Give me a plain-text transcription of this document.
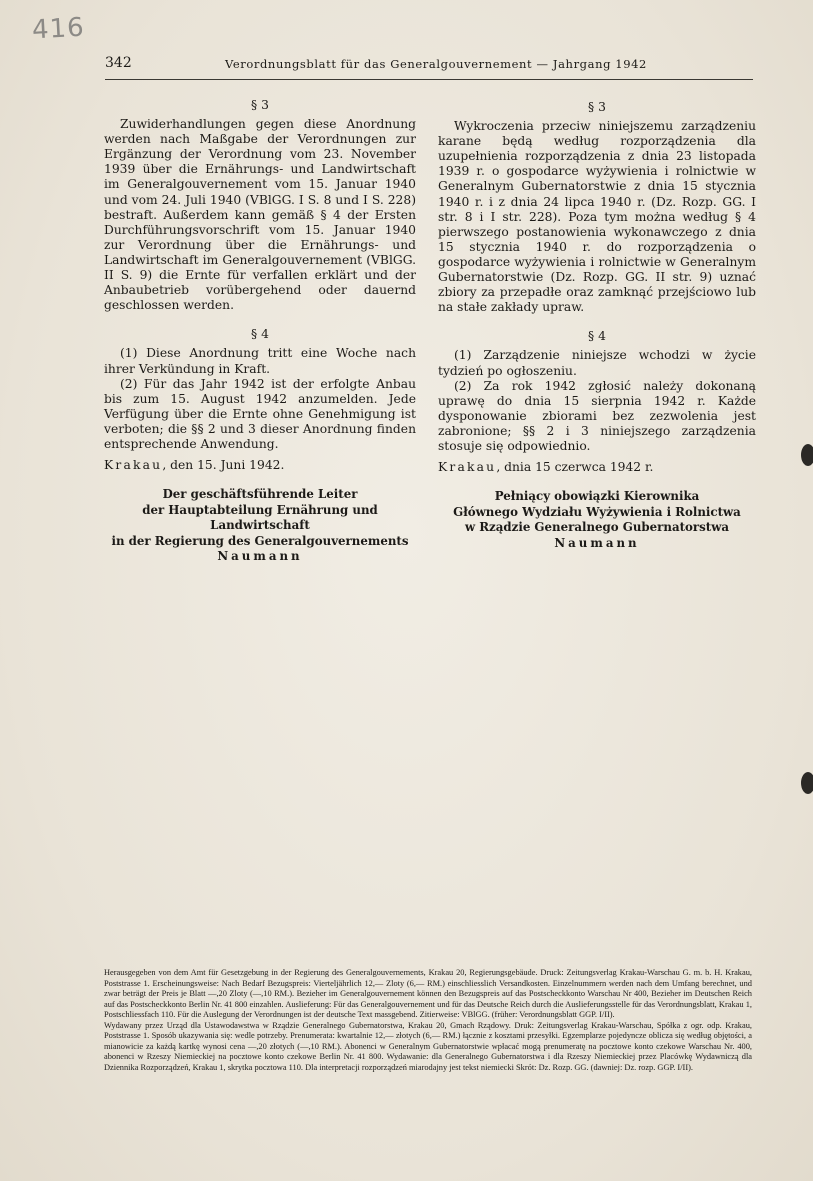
416
342	Verordnungsblatt für das Generalgouvernement — Jahrgang 1942
§ 3

Zuwiderhandlungen gegen diese Anordnung werden nach Maßgabe der Verordnungen zur Ergänzung der Verordnung vom 23. November 1939 über die Ernährungs- und Landwirtschaft im Generalgouvernement vom 15. Januar 1940 und vom 24. Juli 1940 (VBlGG. I S. 8 und I S. 228) bestraft. Außerdem kann gemäß § 4 der Ersten Durchführungsvorschrift vom 15. Januar 1940 zur Verordnung über die Ernährungs- und Landwirtschaft im Generalgouvernement (VBlGG. II S. 9) die Ernte für verfallen erklärt und der Anbaubetrieb vorübergehend oder dauernd geschlossen werden.

§ 4

(1) Diese Anordnung tritt eine Woche nach ihrer Verkündung in Kraft.

(2) Für das Jahr 1942 ist der erfolgte Anbau bis zum 15. August 1942 anzumelden. Jede Verfügung über die Ernte ohne Genehmigung ist verboten; die §§ 2 und 3 dieser Anordnung finden entsprechende Anwendung.

Krakau, den 15. Juni 1942.

Der geschäftsführende Leiter
der Hauptabteilung Ernährung und Landwirtschaft
in der Regierung des Generalgouvernements
Naumann
§ 3

Wykroczenia przeciw niniejszemu zarządzeniu karane będą według rozporządzenia dla uzupełnienia rozporządzenia z dnia 23 listopada 1939 r. o gospodarce wyżywienia i rolnictwie w Generalnym Gubernatorstwie z dnia 15 stycznia 1940 r. i z dnia 24 lipca 1940 r. (Dz. Rozp. GG. I str. 8 i I str. 228). Poza tym można według § 4 pierwszego postanowienia wykonawczego z dnia 15 stycznia 1940 r. do rozporządzenia o gospodarce wyżywienia i rolnictwie w Generalnym Gubernatorstwie (Dz. Rozp. GG. II str. 9) uznać zbiory za przepadłe oraz zamknąć przejściowo lub na stałe zakłady upraw.

§ 4

(1) Zarządzenie niniejsze wchodzi w życie tydzień po ogłoszeniu.

(2) Za rok 1942 zgłosić należy dokonaną uprawę do dnia 15 sierpnia 1942 r. Każde dysponowanie zbiorami bez zezwolenia jest zabronione; §§ 2 i 3 niniejszego zarządzenia stosuje się odpowiednio.

Krakau, dnia 15 czerwca 1942 r.

Pełniący obowiązki Kierownika
Głównego Wydziału Wyżywienia i Rolnictwa
w Rządzie Generalnego Gubernatorstwa
Naumann

Herausgegeben von dem Amt für Gesetzgebung in der Regierung des Generalgouvernements, Krakau 20, Regierungsgebäude. Druck: Zeitungsverlag Krakau-Warschau G. m. b. H. Krakau, Poststrasse 1. Erscheinungsweise: Nach Bedarf Bezugspreis: Vierteljährlich 12,— Zloty (6,— RM.) einschliesslich Versandkosten. Einzelnummern werden nach dem Umfang berechnet, und zwar beträgt der Preis je Blatt —,20 Zloty (—,10 RM.). Bezieher im Generalgouvernement können den Bezugspreis auf das Postscheckkonto Warschau Nr 400, Bezieher im Deutschen Reich auf das Postscheckkonto Berlin Nr. 41 800 einzahlen. Auslieferung: Für das Generalgouvernement und für das Deutsche Reich durch die Auslieferungsstelle für das Verordnungsblatt, Krakau 1, Postschliessfach 110. Für die Auslegung der Verordnungen ist der deutsche Text massgebend. Zitierweise: VBlGG. (früher: Verordnungsblatt GGP. I/II).

Wydawany przez Urząd dla Ustawodawstwa w Rządzie Generalnego Gubernatorstwa, Krakau 20, Gmach Rządowy. Druk: Zeitungsverlag Krakau-Warschau, Spółka z ogr. odp. Krakau, Poststrasse 1. Sposób ukazywania się: wedle potrzeby. Prenumerata: kwartalnie 12,— złotych (6,— RM.) łącznie z kosztami przesyłki. Egzemplarze pojedyncze oblicza się według objętości, a mianowicie za każdą kartkę wynosi cena —,20 złotych (—,10 RM.). Abonenci w Generalnym Gubernatorstwie wpłacać mogą prenumeratę na pocztowe konto czekowe Warschau Nr. 400, abonenci w Rzeszy Niemieckiej na pocztowe konto czekowe Berlin Nr. 41 800. Wydawanie: dla Generalnego Gubernatorstwa i dla Rzeszy Niemieckiej przez Placówkę Wydawniczą dla Dziennika Rozporządzeń, Krakau 1, skrytka pocztowa 110. Dla interpretacji rozporządzeń miarodajny jest tekst niemiecki Skrót: Dz. Rozp. GG. (dawniej: Dz. rozp. GGP. I/II).
